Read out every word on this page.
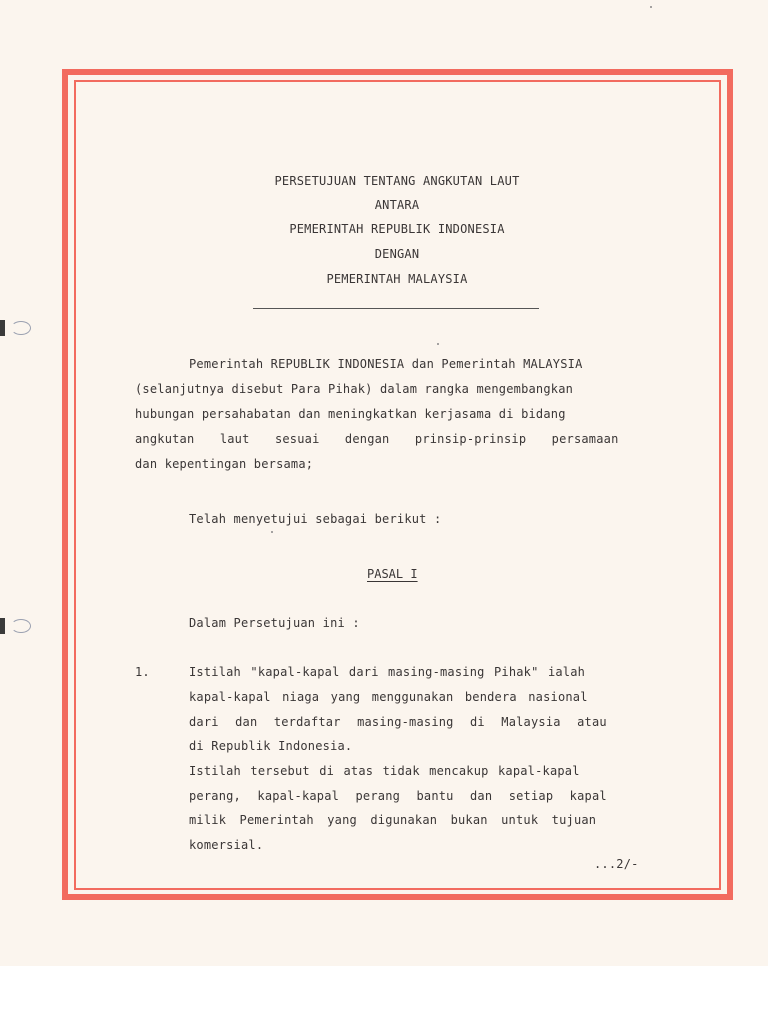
PERSETUJUAN TENTANG ANGKUTAN LAUT
ANTARA
PEMERINTAH REPUBLIK INDONESIA
DENGAN
PEMERINTAH MALAYSIA
Pemerintah REPUBLIK INDONESIA dan Pemerintah MALAYSIA
(selanjutnya disebut Para Pihak) dalam rangka mengembangkan
hubungan persahabatan dan meningkatkan kerjasama di bidang
angkutan laut sesuai dengan prinsip-prinsip persamaan
dan kepentingan bersama;
Telah menyetujui sebagai berikut :
PASAL I
Dalam Persetujuan ini :
1.	Istilah "kapal-kapal dari masing-masing Pihak" ialah
kapal-kapal niaga yang menggunakan bendera nasional
dari dan terdaftar masing-masing di Malaysia atau
di Republik Indonesia.
Istilah tersebut di atas tidak mencakup kapal-kapal
perang, kapal-kapal perang bantu dan setiap kapal
milik Pemerintah yang digunakan bukan untuk tujuan
komersial.
...2/-
